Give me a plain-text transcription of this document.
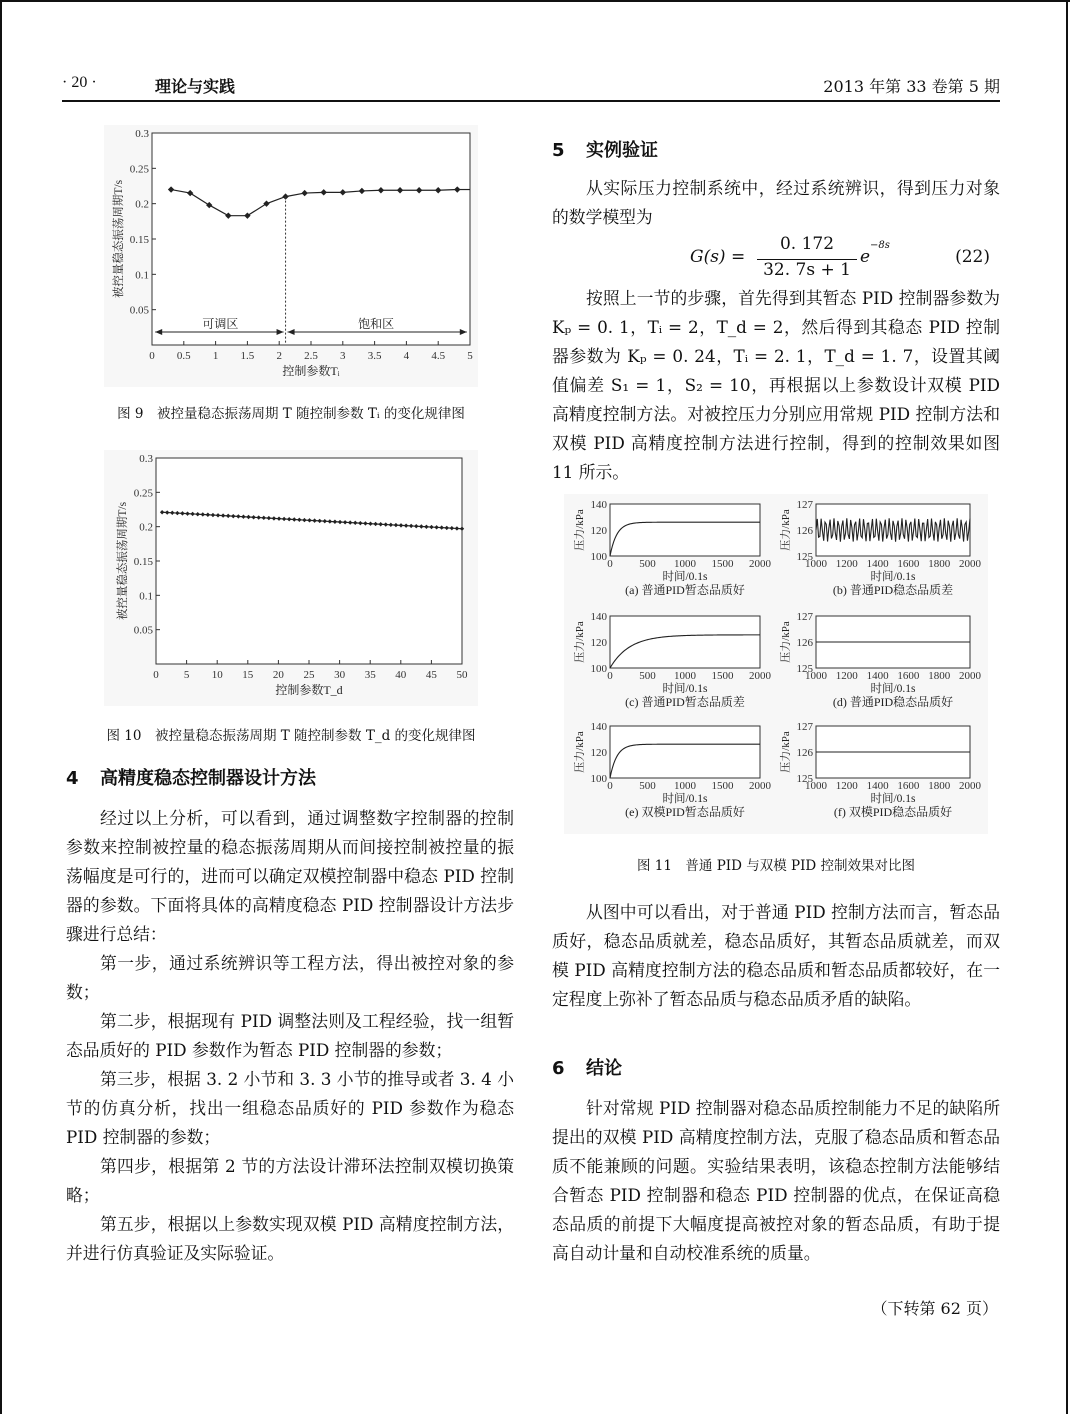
· 20 ·	理论与实践	2013 年第 33 卷第 5 期
0 0.5 1 1.5 2 2.5 3 3.5 4 4.5 5
0.05
0.1
0.15
0.2
0.25
0.3
控制参数Tᵢ
被控量稳态振荡周期T/s
可调区	饱和区
图 9　被控量稳态振荡周期 T 随控制参数 Tᵢ 的变化规律图
0 5 10 15 20 25 30 35 40 45 50
0.05
0.1
0.15
0.2
0.25
0.3
控制参数T_d
被控量稳态振荡周期T/s
图 10　被控量稳态振荡周期 T 随控制参数 T_d 的变化规律图
4 高精度稳态控制器设计方法

经过以上分析，可以看到，通过调整数字控制器的控制参数来控制被控量的稳态振荡周期从而间接控制被控量的振荡幅度是可行的，进而可以确定双模控制器中稳态 PID 控制器的参数。下面将具体的高精度稳态 PID 控制器设计方法步骤进行总结：

第一步，通过系统辨识等工程方法，得出被控对象的参数；

第二步，根据现有 PID 调整法则及工程经验，找一组暂态品质好的 PID 参数作为暂态 PID 控制器的参数；

第三步，根据 3. 2 小节和 3. 3 小节的推导或者 3. 4 小节的仿真分析，找出一组稳态品质好的 PID 参数作为稳态 PID 控制器的参数；

第四步，根据第 2 节的方法设计滞环法控制双模切换策略；

第五步，根据以上参数实现双模 PID 高精度控制方法，并进行仿真验证及实际验证。

5 实例验证

从实际压力控制系统中，经过系统辨识，得到压力对象的数学模型为

G(s) =
0. 172
32. 7s + 1
e
−8s
(22)

按照上一节的步骤，首先得到其暂态 PID 控制器参数为 Kₚ = 0. 1，Tᵢ = 2，T_d = 2，然后得到其稳态 PID 控制器参数为 Kₚ = 0. 24，Tᵢ = 2. 1，T_d = 1. 7，设置其阈值偏差 S₁ = 1，S₂ = 10，再根据以上参数设计双模 PID 高精度控制方法。对被控压力分别应用常规 PID 控制方法和双模 PID 高精度控制方法进行控制，得到的控制效果如图 11 所示。

100
120
140
0 500 1000 1500 2000
时间/0.1s
(a) 普通PID暂态品质好
压力/kPa
125
126
127
1000 1200 1400 1600 1800 2000
时间/0.1s
(b) 普通PID稳态品质差
压力/kPa
100
120
140
0 500 1000 1500 2000
时间/0.1s
(c) 普通PID暂态品质差
压力/kPa
125
126
127
1000 1200 1400 1600 1800 2000
时间/0.1s
(d) 普通PID稳态品质好
压力/kPa
100
120
140
0 500 1000 1500 2000
时间/0.1s
(e) 双模PID暂态品质好
压力/kPa
125
126
127
1000 1200 1400 1600 1800 2000
时间/0.1s
(f) 双模PID稳态品质好
压力/kPa
图 11　普通 PID 与双模 PID 控制效果对比图

从图中可以看出，对于普通 PID 控制方法而言，暂态品质好，稳态品质就差，稳态品质好，其暂态品质就差，而双模 PID 高精度控制方法的稳态品质和暂态品质都较好，在一定程度上弥补了暂态品质与稳态品质矛盾的缺陷。

6 结论

针对常规 PID 控制器对稳态品质控制能力不足的缺陷所提出的双模 PID 高精度控制方法，克服了稳态品质和暂态品质不能兼顾的问题。实验结果表明，该稳态控制方法能够结合暂态 PID 控制器和稳态 PID 控制器的优点，在保证高稳态品质的前提下大幅度提高被控对象的暂态品质，有助于提高自动计量和自动校准系统的质量。

（下转第 62 页）
